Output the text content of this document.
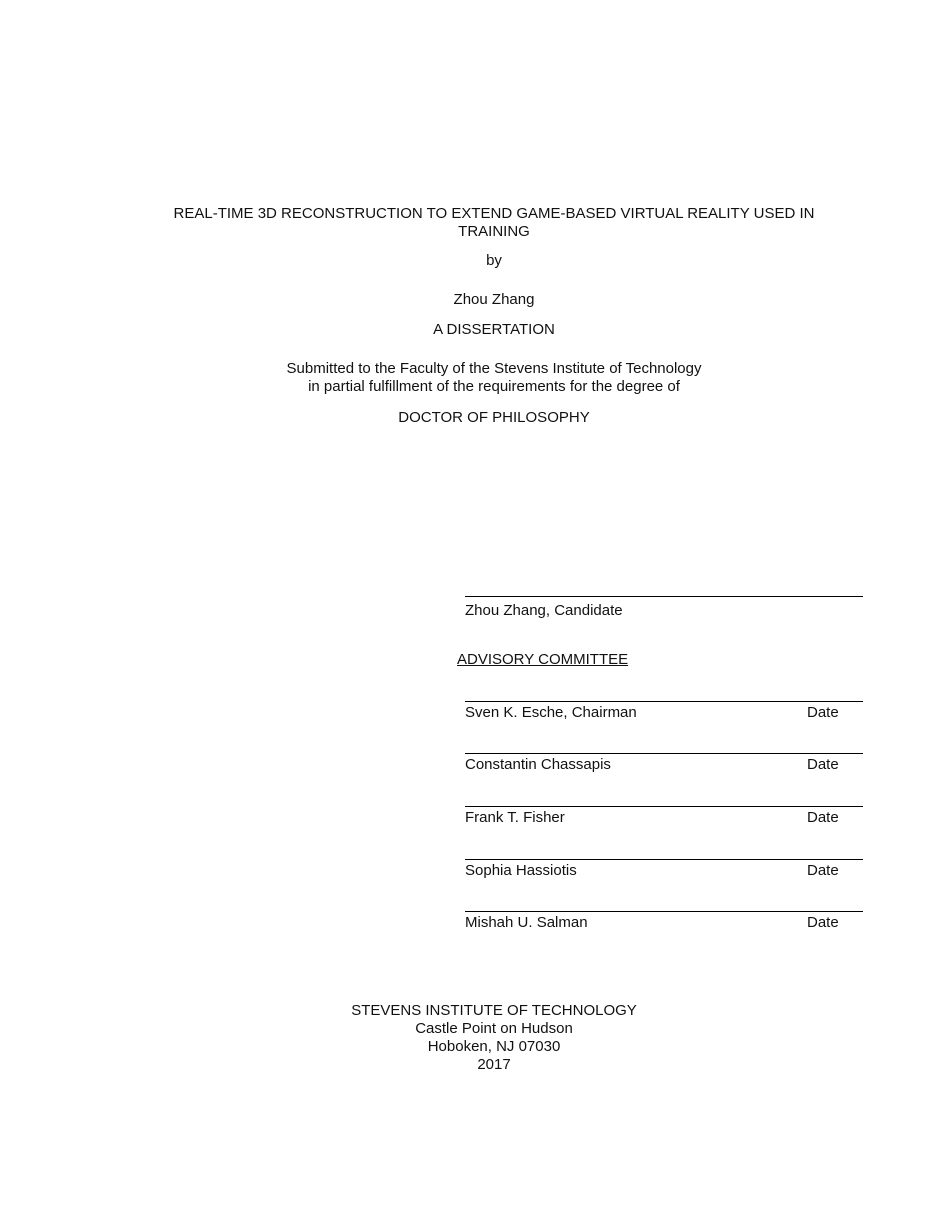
REAL-TIME 3D RECONSTRUCTION TO EXTEND GAME-BASED VIRTUAL REALITY USED IN
TRAINING
by
Zhou Zhang
A DISSERTATION
Submitted to the Faculty of the Stevens Institute of Technology
in partial fulfillment of the requirements for the degree of
DOCTOR OF PHILOSOPHY
Zhou Zhang, Candidate
ADVISORY COMMITTEE
Sven K. Esche, Chairman	Date
Constantin Chassapis	Date
Frank T. Fisher	Date
Sophia Hassiotis	Date
Mishah U. Salman	Date
STEVENS INSTITUTE OF TECHNOLOGY
Castle Point on Hudson
Hoboken, NJ 07030
2017
